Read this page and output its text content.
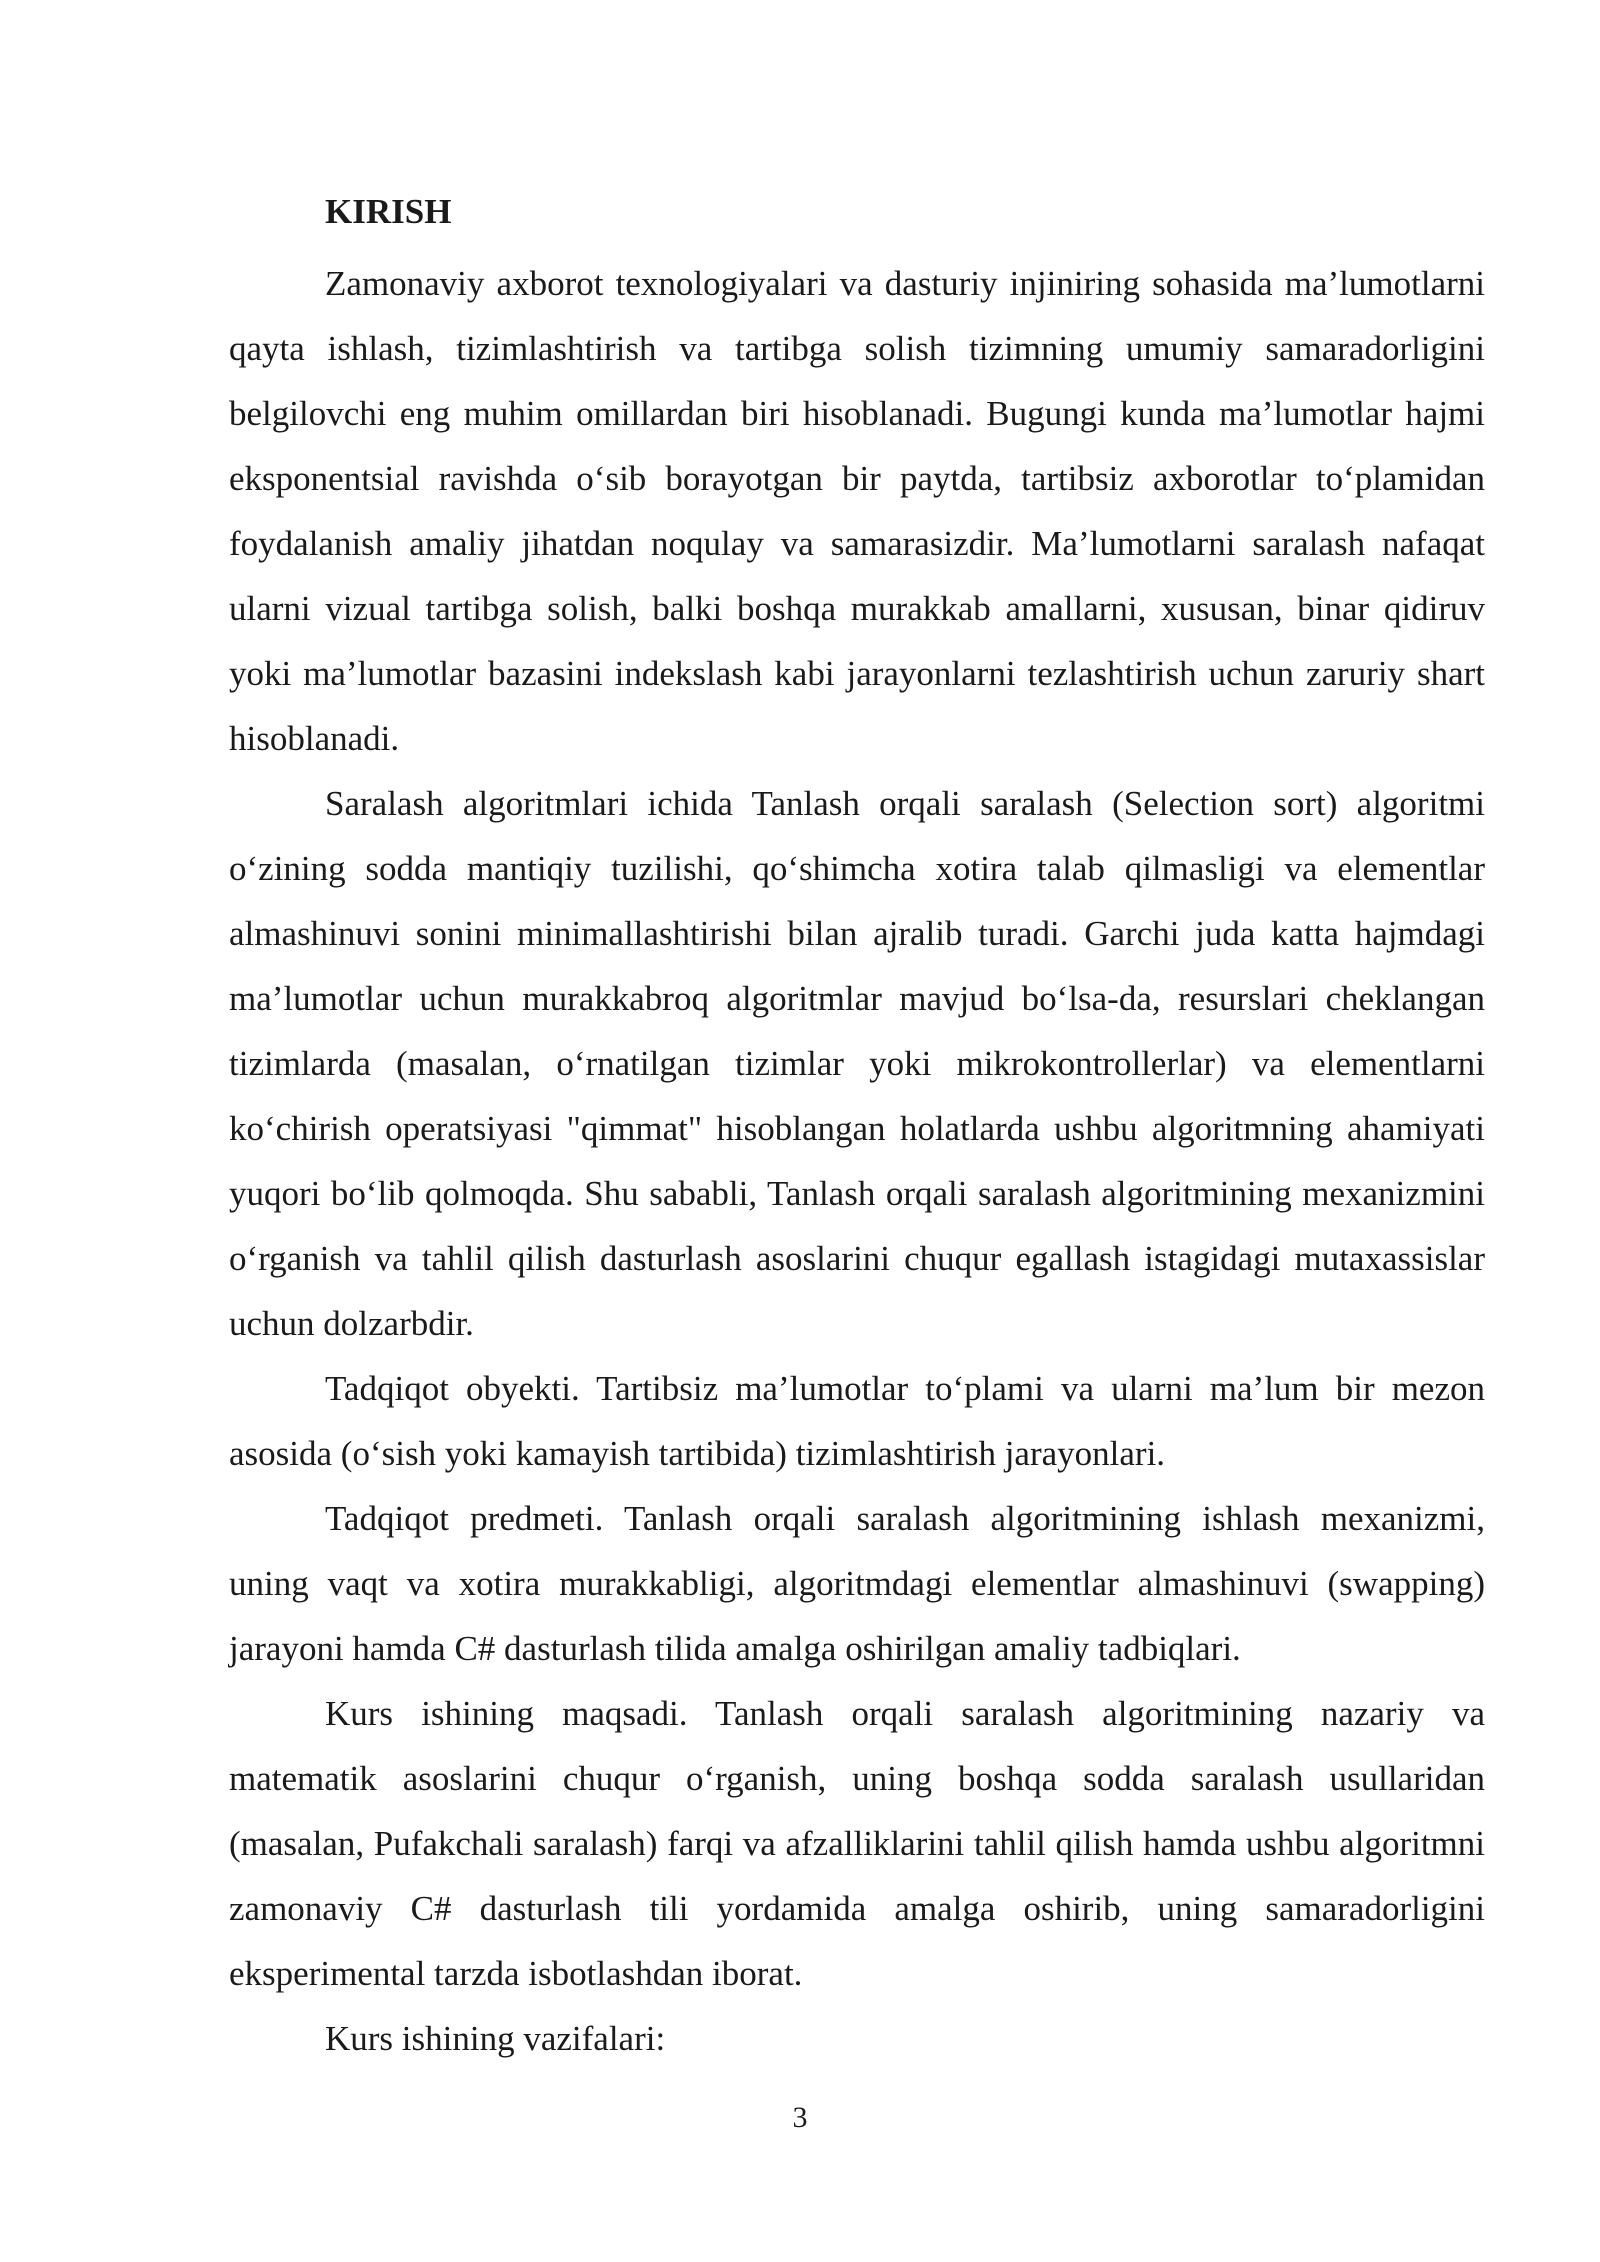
KIRISH

Zamonaviy axborot texnologiyalari va dasturiy injiniring sohasida ma’lumotlarni qayta ishlash, tizimlashtirish va tartibga solish tizimning umumiy samaradorligini belgilovchi eng muhim omillardan biri hisoblanadi. Bugungi kunda ma’lumotlar hajmi eksponentsial ravishda o‘sib borayotgan bir paytda, tartibsiz axborotlar to‘plamidan foydalanish amaliy jihatdan noqulay va samarasizdir. Ma’lumotlarni saralash nafaqat ularni vizual tartibga solish, balki boshqa murakkab amallarni, xususan, binar qidiruv yoki ma’lumotlar bazasini indekslash kabi jarayonlarni tezlashtirish uchun zaruriy shart hisoblanadi.

Saralash algoritmlari ichida Tanlash orqali saralash (Selection sort) algoritmi o‘zining sodda mantiqiy tuzilishi, qo‘shimcha xotira talab qilmasligi va elementlar almashinuvi sonini minimallashtirishi bilan ajralib turadi. Garchi juda katta hajmdagi ma’lumotlar uchun murakkabroq algoritmlar mavjud bo‘lsa-da, resurslari cheklangan tizimlarda (masalan, o‘rnatilgan tizimlar yoki mikrokontrollerlar) va elementlarni ko‘chirish operatsiyasi "qimmat" hisoblangan holatlarda ushbu algoritmning ahamiyati yuqori bo‘lib qolmoqda. Shu sababli, Tanlash orqali saralash algoritmining mexanizmini o‘rganish va tahlil qilish dasturlash asoslarini chuqur egallash istagidagi mutaxassislar uchun dolzarbdir.

Tadqiqot obyekti. Tartibsiz ma’lumotlar to‘plami va ularni ma’lum bir mezon asosida (o‘sish yoki kamayish tartibida) tizimlashtirish jarayonlari.

Tadqiqot predmeti. Tanlash orqali saralash algoritmining ishlash mexanizmi, uning vaqt va xotira murakkabligi, algoritmdagi elementlar almashinuvi (swapping) jarayoni hamda C# dasturlash tilida amalga oshirilgan amaliy tadbiqlari.

Kurs ishining maqsadi. Tanlash orqali saralash algoritmining nazariy va matematik asoslarini chuqur o‘rganish, uning boshqa sodda saralash usullaridan (masalan, Pufakchali saralash) farqi va afzalliklarini tahlil qilish hamda ushbu algoritmni zamonaviy C# dasturlash tili yordamida amalga oshirib, uning samaradorligini eksperimental tarzda isbotlashdan iborat.

Kurs ishining vazifalari:

3
